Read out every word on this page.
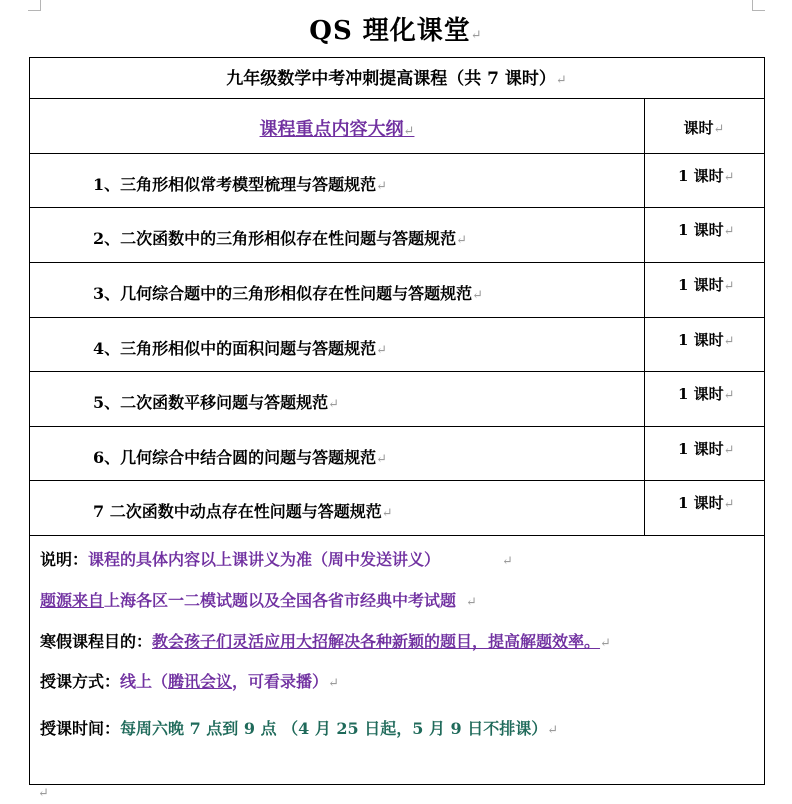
QS 理化课堂↵
九年级数学中考冲刺提高课程（共 7 课时）↵
课程重点内容大纲↵	课时↵
1、三角形相似常考模型梳理与答题规范↵
1 课时↵
2、二次函数中的三角形相似存在性问题与答题规范↵
1 课时↵
3、几何综合题中的三角形相似存在性问题与答题规范↵
1 课时↵
4、三角形相似中的面积问题与答题规范↵
1 课时↵
5、二次函数平移问题与答题规范↵
1 课时↵
6、几何综合中结合圆的问题与答题规范↵
1 课时↵
7 二次函数中动点存在性问题与答题规范↵
1 课时↵
说明：课程的具体内容以上课讲义为准（周中发送讲义）	↵
题源来自上海各区一二模试题以及全国各省市经典中考试题 ↵
寒假课程目的：教会孩子们灵活应用大招解决各种新颖的题目，提高解题效率。↵
授课方式：线上（腾讯会议，可看录播）↵
授课时间：每周六晚 7 点到 9 点 （4 月 25 日起，5 月 9 日不排课）↵
↵
